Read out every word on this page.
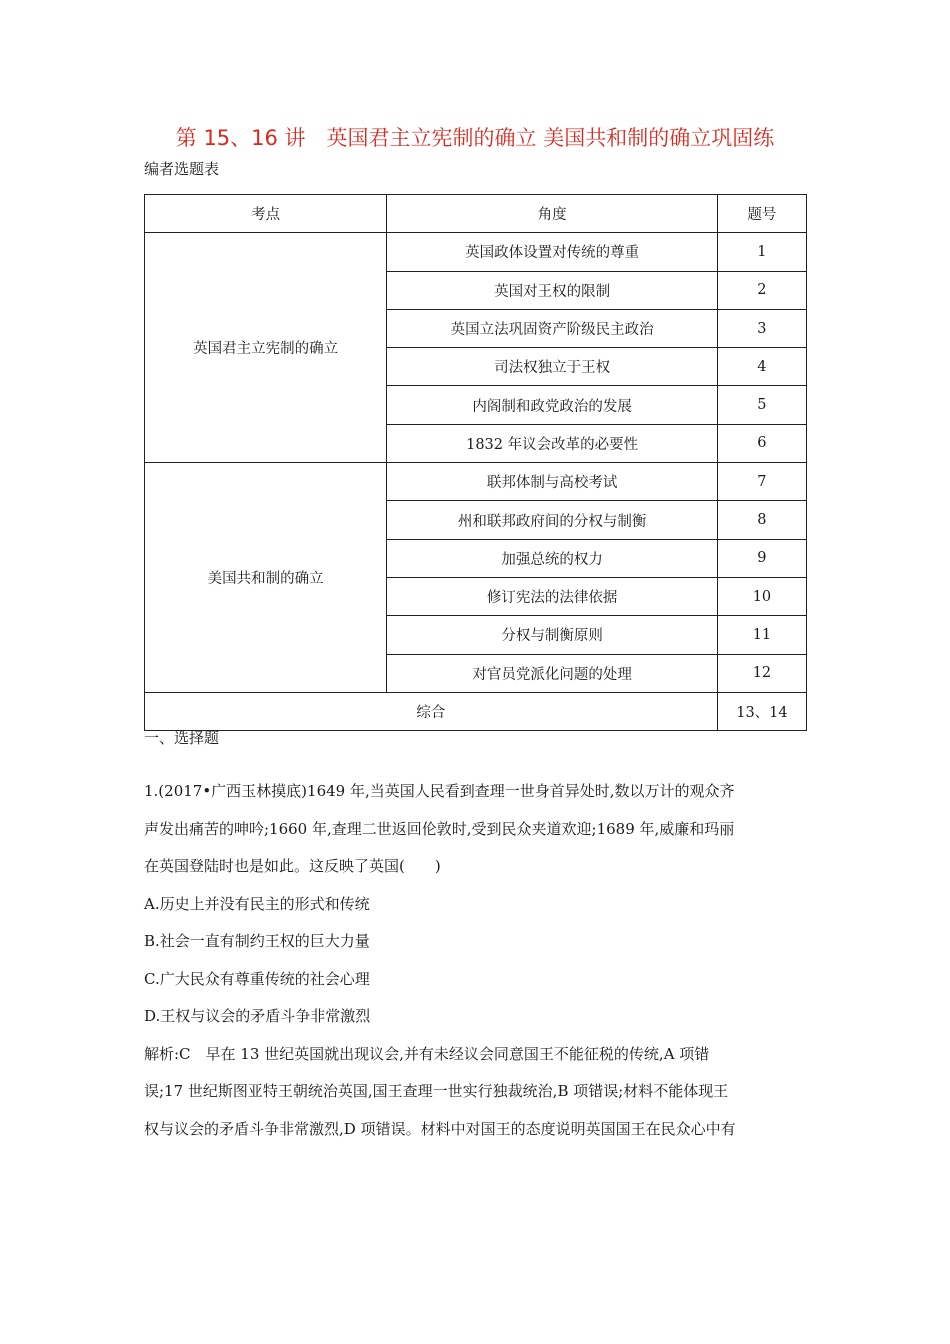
第 15、16 讲　英国君主立宪制的确立 美国共和制的确立巩固练
编者选题表
考点	角度	题号
英国君主立宪制的确立	英国政体设置对传统的尊重	1
	英国对王权的限制	2
	英国立法巩固资产阶级民主政治	3
	司法权独立于王权	4
	内阁制和政党政治的发展	5
	1832 年议会改革的必要性	6
美国共和制的确立	联邦体制与高校考试	7
	州和联邦政府间的分权与制衡	8
	加强总统的权力	9
	修订宪法的法律依据	10
	分权与制衡原则	11
	对官员党派化问题的处理	12
综合		13、14
一、选择题

1.(2017•广西玉林摸底)1649 年,当英国人民看到查理一世身首异处时,数以万计的观众齐

声发出痛苦的呻吟;1660 年,查理二世返回伦敦时,受到民众夹道欢迎;1689 年,威廉和玛丽

在英国登陆时也是如此。这反映了英国(　　)

A.历史上并没有民主的形式和传统

B.社会一直有制约王权的巨大力量

C.广大民众有尊重传统的社会心理

D.王权与议会的矛盾斗争非常激烈

解析:C　早在 13 世纪英国就出现议会,并有未经议会同意国王不能征税的传统,A 项错

误;17 世纪斯图亚特王朝统治英国,国王查理一世实行独裁统治,B 项错误;材料不能体现王

权与议会的矛盾斗争非常激烈,D 项错误。材料中对国王的态度说明英国国王在民众心中有
